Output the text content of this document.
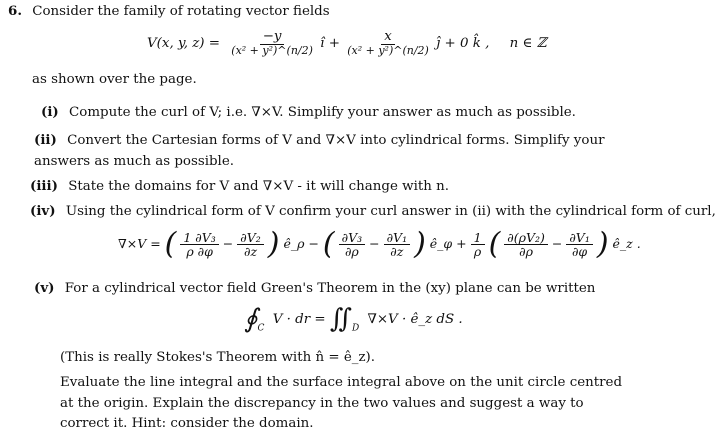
6. Consider the family of rotating vector fields
V(x, y, $z) = \frac{-y}{\text{(x² + y²)\textasciicircum{}(n/2)}}$ î + $\frac{x}{\text{(x² + y²)\textasciicircum{}(n/2)}}$ ĵ + 0 k̂ , n ∈ ℤ
as shown over the page.
(i) Compute the curl of V; i.e. ∇×V. Simplify your answer as much as possible.
(ii) Convert the Cartesian forms of V and ∇×V into cylindrical forms. Simplify your answers as much as possible.
(iii) State the domains for V and ∇×V - it will change with n.
(iv) Using the cylindrical form of V confirm your curl answer in (ii) with the cylindrical form of curl,
∇×V = ( $\frac{\text{1 ∂V₃}}{\rho \partial\varphi} - \frac{\text{∂V₂}}{\partial z}$ ) ê_ρ − ( $\frac{\text{∂V₃}}{\partial\rho} - \frac{\text{∂V₁}}{\partial z}$ ) ê_φ + $\frac{1}{\rho}$ ( $\frac{\text{∂(ρV₂)}}{\partial\rho} - \frac{\text{∂V₁}}{\partial\varphi}$ ) ê_z .
(v) For a cylindrical vector field Green's Theorem in the (xy) plane can be written
$∮_C$ V · dr = $∬_D$ ∇×V · ê_z dS .
(This is really Stokes's Theorem with n̂ = ê_z).
Evaluate the line integral and the surface integral above on the unit circle centred at the origin. Explain the discrepancy in the two values and suggest a way to correct it. Hint: consider the domain.
